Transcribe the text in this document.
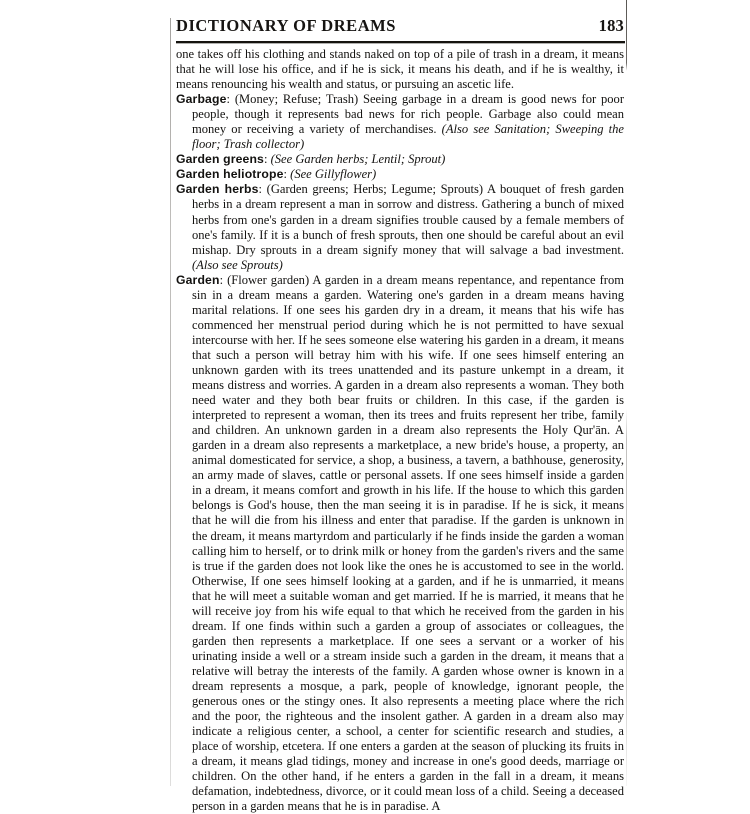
DICTIONARY OF DREAMS	183

one takes off his clothing and stands naked on top of a pile of trash in a dream, it means that he will lose his office, and if he is sick, it means his death, and if he is wealthy, it means renouncing his wealth and status, or pursuing an ascetic life.

Garbage: (Money; Refuse; Trash) Seeing garbage in a dream is good news for poor people, though it represents bad news for rich people. Garbage also could mean money or receiving a variety of merchandises. (Also see Sanitation; Sweeping the floor; Trash collector)

Garden greens: (See Garden herbs; Lentil; Sprout)

Garden heliotrope: (See Gillyflower)

Garden herbs: (Garden greens; Herbs; Legume; Sprouts) A bouquet of fresh garden herbs in a dream represent a man in sorrow and distress. Gathering a bunch of mixed herbs from one's garden in a dream signifies trouble caused by a female members of one's family. If it is a bunch of fresh sprouts, then one should be careful about an evil mishap. Dry sprouts in a dream signify money that will salvage a bad investment. (Also see Sprouts)

Garden: (Flower garden) A garden in a dream means repentance, and repentance from sin in a dream means a garden. Watering one's garden in a dream means having marital relations. If one sees his garden dry in a dream, it means that his wife has commenced her menstrual period during which he is not permitted to have sexual intercourse with her. If he sees someone else watering his garden in a dream, it means that such a person will betray him with his wife. If one sees himself entering an unknown garden with its trees unattended and its pasture unkempt in a dream, it means distress and worries. A garden in a dream also represents a woman. They both need water and they both bear fruits or children. In this case, if the garden is interpreted to represent a woman, then its trees and fruits represent her tribe, family and children. An unknown garden in a dream also represents the Holy Qur'ān. A garden in a dream also represents a marketplace, a new bride's house, a property, an animal domesticated for service, a shop, a business, a tavern, a bathhouse, generosity, an army made of slaves, cattle or personal assets. If one sees himself inside a garden in a dream, it means comfort and growth in his life. If the house to which this garden belongs is God's house, then the man seeing it is in paradise. If he is sick, it means that he will die from his illness and enter that paradise. If the garden is unknown in the dream, it means martyrdom and particularly if he finds inside the garden a woman calling him to herself, or to drink milk or honey from the garden's rivers and the same is true if the garden does not look like the ones he is accustomed to see in the world. Otherwise, If one sees himself looking at a garden, and if he is unmarried, it means that he will meet a suitable woman and get married. If he is married, it means that he will receive joy from his wife equal to that which he received from the garden in his dream. If one finds within such a garden a group of associates or colleagues, the garden then represents a marketplace. If one sees a servant or a worker of his urinating inside a well or a stream inside such a garden in the dream, it means that a relative will betray the interests of the family. A garden whose owner is known in a dream represents a mosque, a park, people of knowledge, ignorant people, the generous ones or the stingy ones. It also represents a meeting place where the rich and the poor, the righteous and the insolent gather. A garden in a dream also may indicate a religious center, a school, a center for scientific research and studies, a place of worship, etcetera. If one enters a garden at the season of plucking its fruits in a dream, it means glad tidings, money and increase in one's good deeds, marriage or children. On the other hand, if he enters a garden in the fall in a dream, it means defamation, indebtedness, divorce, or it could mean loss of a child. Seeing a deceased person in a garden means that he is in paradise. A
